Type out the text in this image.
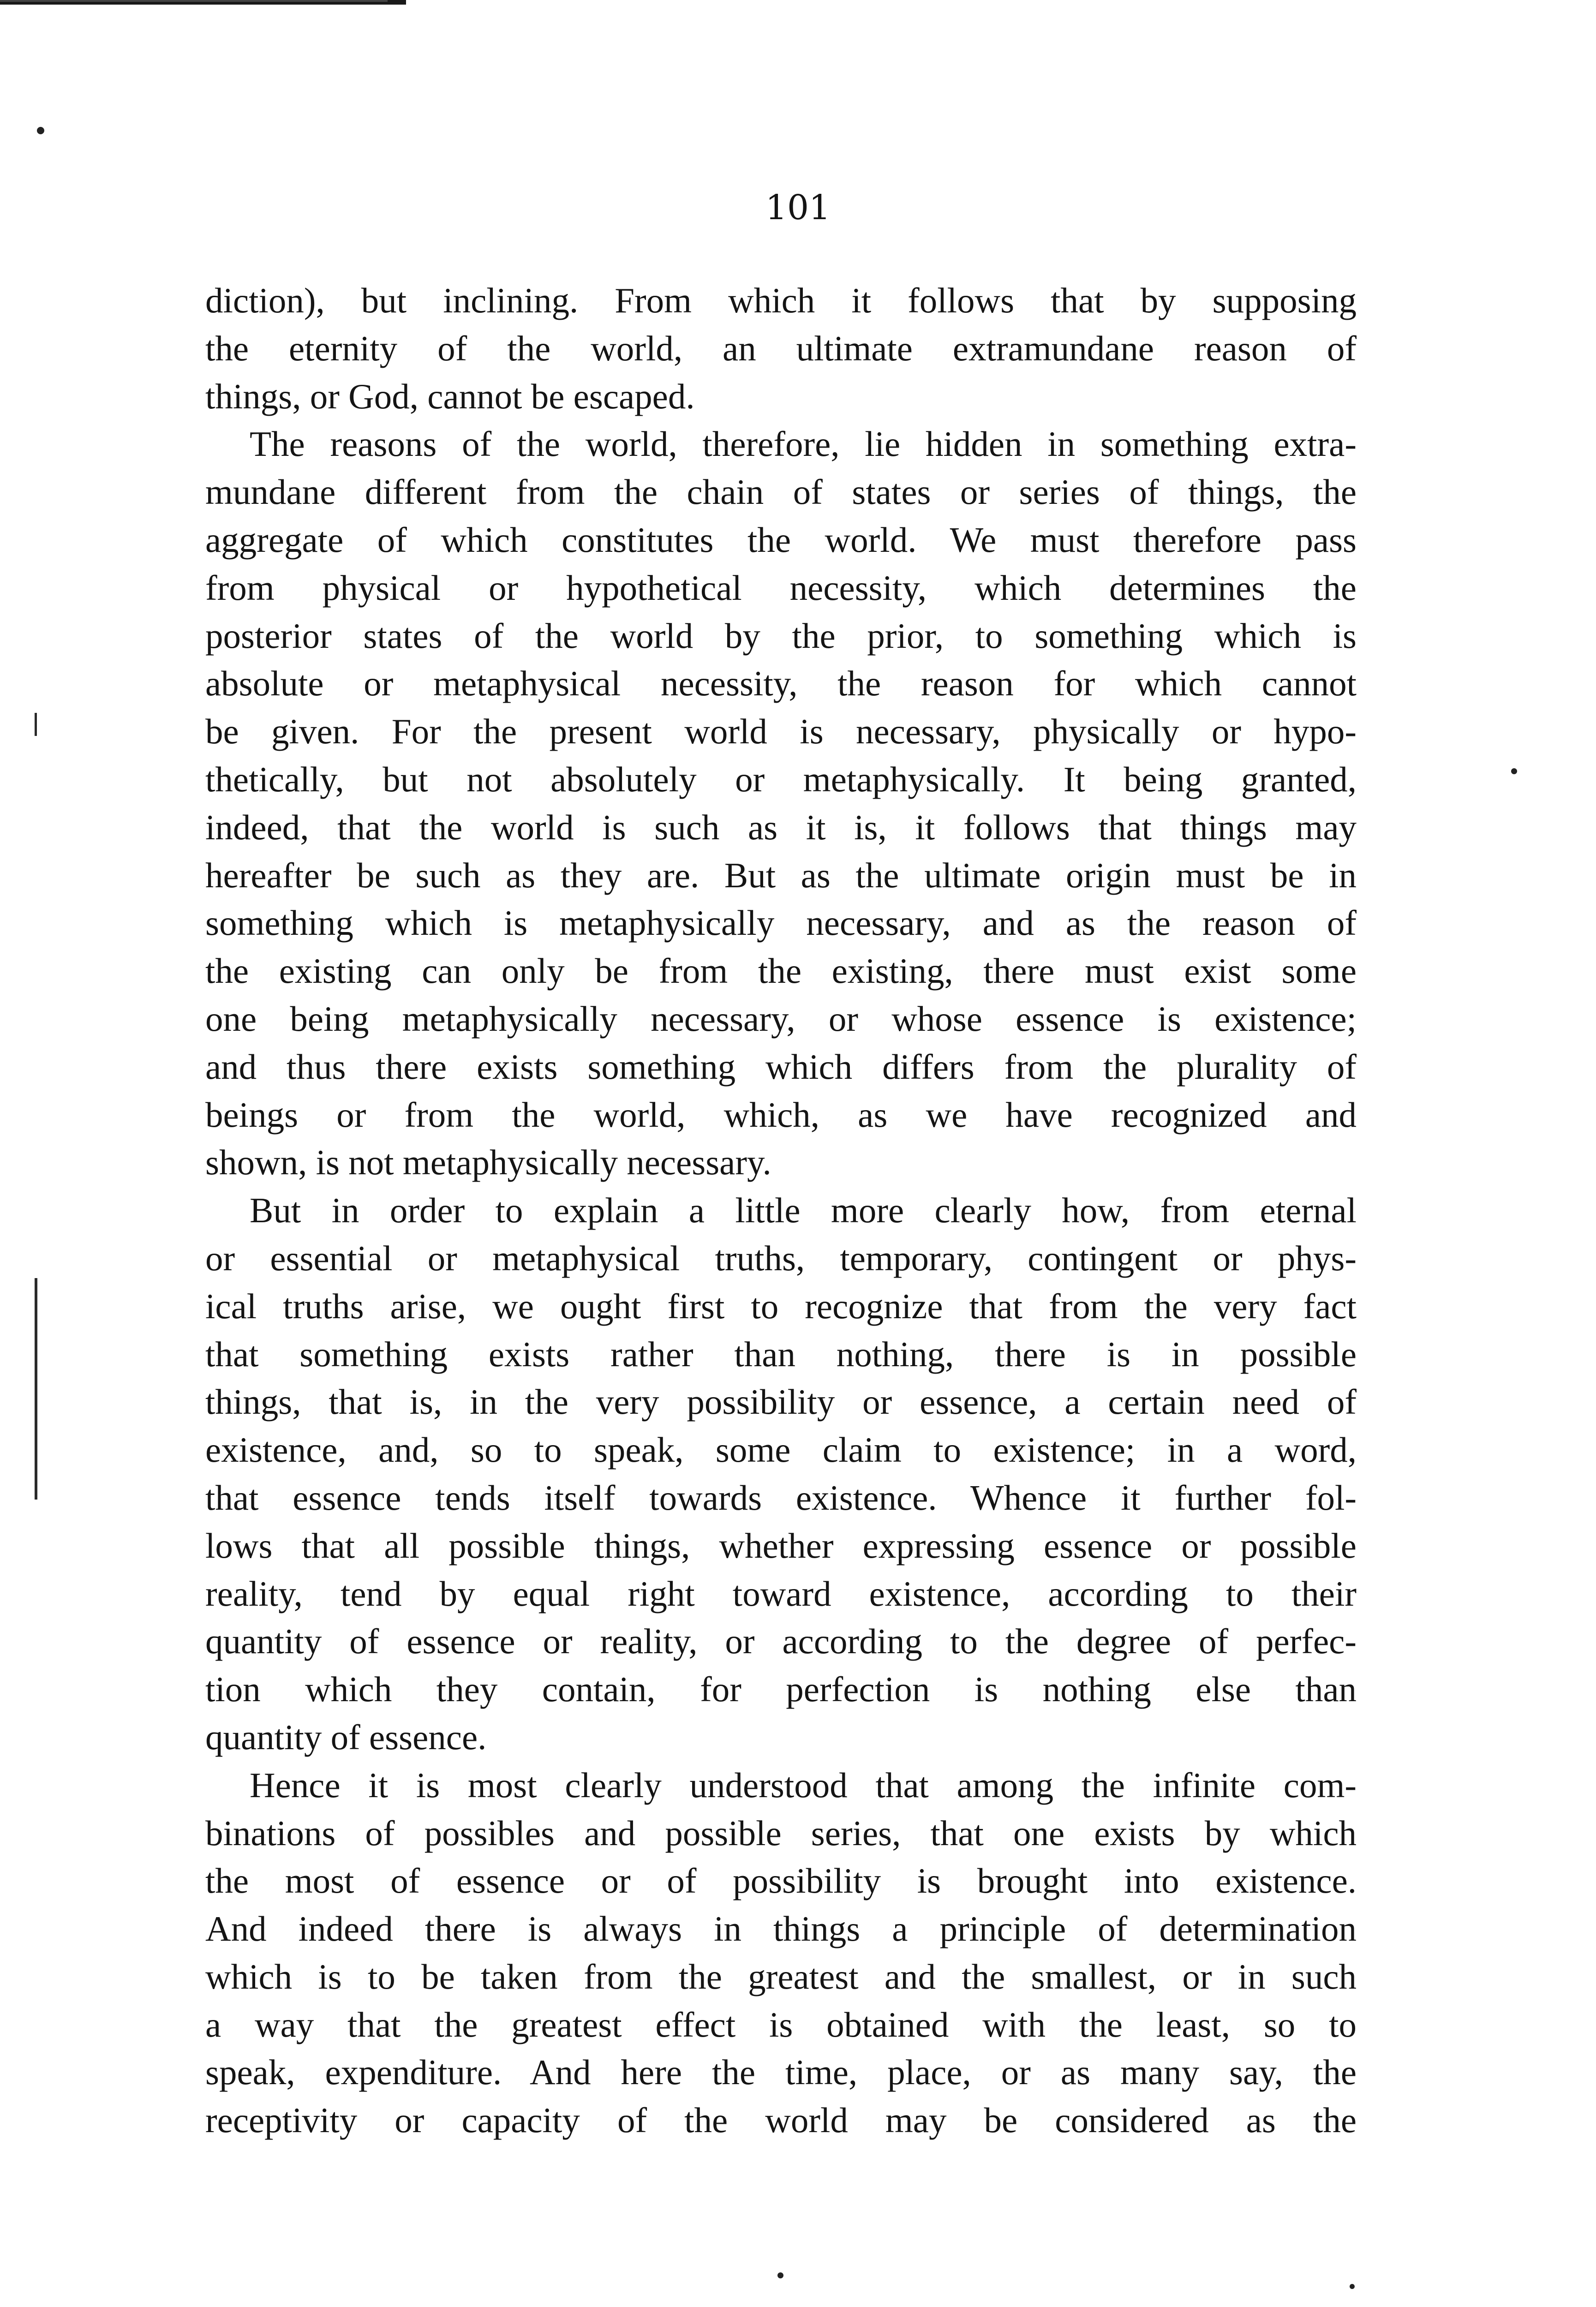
101
diction), but inclining. From which it follows that by supposing
the eternity of the world, an ultimate extramundane reason of
things, or God, cannot be escaped.
The reasons of the world, therefore, lie hidden in something extra-
mundane different from the chain of states or series of things, the
aggregate of which constitutes the world. We must therefore pass
from physical or hypothetical necessity, which determines the
posterior states of the world by the prior, to something which is
absolute or metaphysical necessity, the reason for which cannot
be given. For the present world is necessary, physically or hypo-
thetically, but not absolutely or metaphysically. It being granted,
indeed, that the world is such as it is, it follows that things may
hereafter be such as they are. But as the ultimate origin must be in
something which is metaphysically necessary, and as the reason of
the existing can only be from the existing, there must exist some
one being metaphysically necessary, or whose essence is existence;
and thus there exists something which differs from the plurality of
beings or from the world, which, as we have recognized and
shown, is not metaphysically necessary.
But in order to explain a little more clearly how, from eternal
or essential or metaphysical truths, temporary, contingent or phys-
ical truths arise, we ought first to recognize that from the very fact
that something exists rather than nothing, there is in possible
things, that is, in the very possibility or essence, a certain need of
existence, and, so to speak, some claim to existence; in a word,
that essence tends itself towards existence. Whence it further fol-
lows that all possible things, whether expressing essence or possible
reality, tend by equal right toward existence, according to their
quantity of essence or reality, or according to the degree of perfec-
tion which they contain, for perfection is nothing else than
quantity of essence.
Hence it is most clearly understood that among the infinite com-
binations of possibles and possible series, that one exists by which
the most of essence or of possibility is brought into existence.
And indeed there is always in things a principle of determination
which is to be taken from the greatest and the smallest, or in such
a way that the greatest effect is obtained with the least, so to
speak, expenditure. And here the time, place, or as many say, the
receptivity or capacity of the world may be considered as the
